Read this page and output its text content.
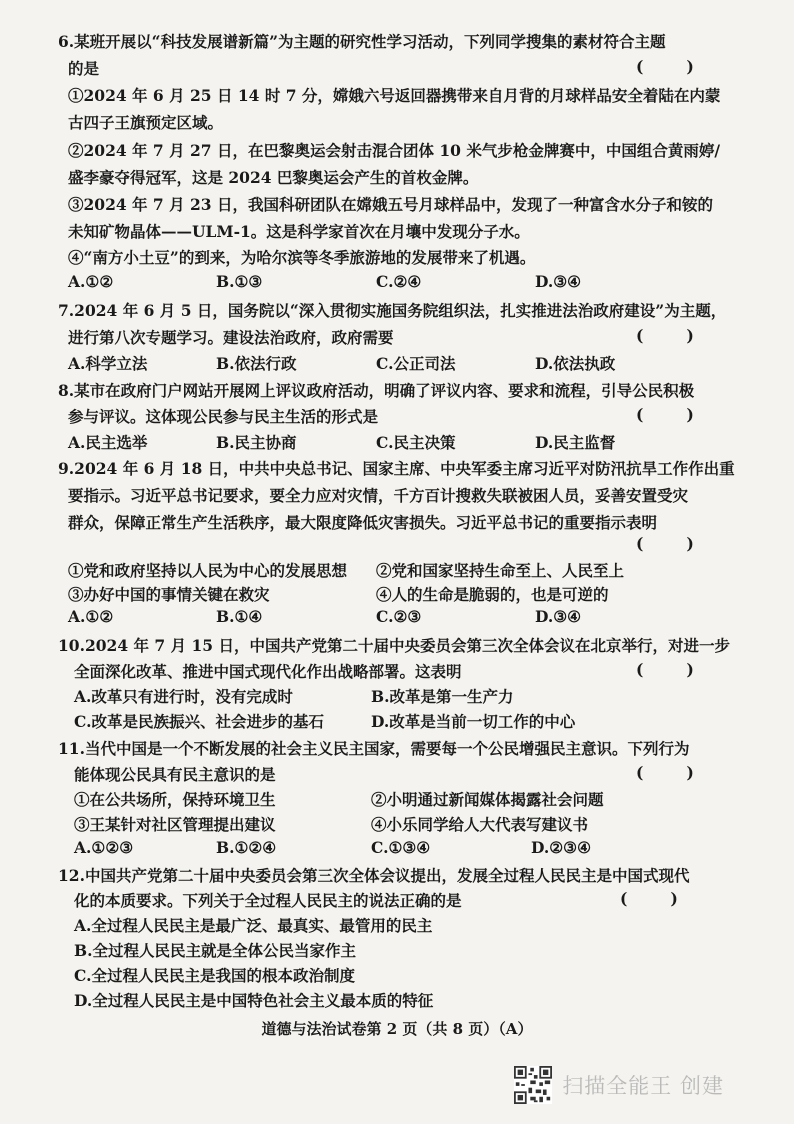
6.某班开展以“科技发展谱新篇”为主题的研究性学习活动，下列同学搜集的素材符合主题
的是	(        )
①2024 年 6 月 25 日 14 时 7 分，嫦娥六号返回器携带来自月背的月球样品安全着陆在内蒙
古四子王旗预定区域。
②2024 年 7 月 27 日，在巴黎奥运会射击混合团体 10 米气步枪金牌赛中，中国组合黄雨婷/
盛李豪夺得冠军，这是 2024 巴黎奥运会产生的首枚金牌。
③2024 年 7 月 23 日，我国科研团队在嫦娥五号月球样品中，发现了一种富含水分子和铵的
未知矿物晶体——ULM-1。这是科学家首次在月壤中发现分子水。
④“南方小土豆”的到来，为哈尔滨等冬季旅游地的发展带来了机遇。
A.①②	B.①③	C.②④	D.③④
7.2024 年 6 月 5 日，国务院以“深入贯彻实施国务院组织法，扎实推进法治政府建设”为主题，
进行第八次专题学习。建设法治政府，政府需要	(        )
A.科学立法	B.依法行政	C.公正司法	D.依法执政
8.某市在政府门户网站开展网上评议政府活动，明确了评议内容、要求和流程，引导公民积极
参与评议。这体现公民参与民主生活的形式是	(        )
A.民主选举	B.民主协商	C.民主决策	D.民主监督
9.2024 年 6 月 18 日，中共中央总书记、国家主席、中央军委主席习近平对防汛抗旱工作作出重
要指示。习近平总书记要求，要全力应对灾情，千方百计搜救失联被困人员，妥善安置受灾
群众，保障正常生产生活秩序，最大限度降低灾害损失。习近平总书记的重要指示表明
(        )
①党和政府坚持以人民为中心的发展思想 ②党和国家坚持生命至上、人民至上
③办好中国的事情关键在救灾	④人的生命是脆弱的，也是可逆的
A.①②	B.①④	C.②③	D.③④
10.2024 年 7 月 15 日，中国共产党第二十届中央委员会第三次全体会议在北京举行，对进一步
全面深化改革、推进中国式现代化作出战略部署。这表明	(        )
A.改革只有进行时，没有完成时	B.改革是第一生产力
C.改革是民族振兴、社会进步的基石	D.改革是当前一切工作的中心
11.当代中国是一个不断发展的社会主义民主国家，需要每一个公民增强民主意识。下列行为
能体现公民具有民主意识的是	(        )
①在公共场所，保持环境卫生	②小明通过新闻媒体揭露社会问题
③王某针对社区管理提出建议	④小乐同学给人大代表写建议书
A.①②③	B.①②④	C.①③④	D.②③④
12.中国共产党第二十届中央委员会第三次全体会议提出，发展全过程人民民主是中国式现代
化的本质要求。下列关于全过程人民民主的说法正确的是	(        )
A.全过程人民民主是最广泛、最真实、最管用的民主
B.全过程人民民主就是全体公民当家作主
C.全过程人民民主是我国的根本政治制度
D.全过程人民民主是中国特色社会主义最本质的特征
道德与法治试卷第 2 页（共 8 页）（A）
扫描全能王 创建
